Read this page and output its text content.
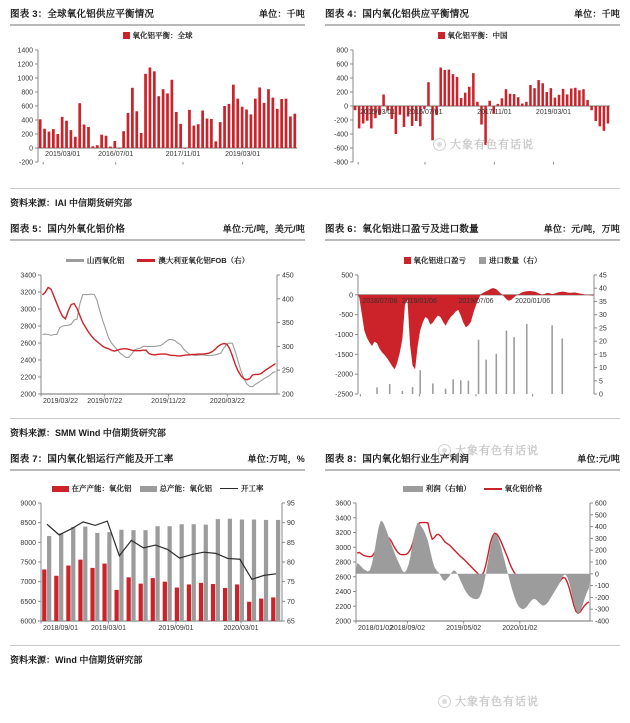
图表 3：全球氧化铝供应平衡情况	单位：千吨
氧化铝平衡：全球
-200
0
200
400
600
800
1000
1200
1400
2015/03/01	2016/07/01	2017/11/01	2019/03/01
图表 4：国内氧化铝供应平衡情况	单位：千吨
氧化铝平衡：中国
-800
-600
-400
-200
0
200
400
600
800
2015/03/01 2016/07/01	2017/11/01	2019/03/01
大象有色有话说
资料来源：IAI 中信期货研究部
图表 5：国内外氧化铝价格	单位:元/吨，美元/吨
山西氧化铝	澳大利亚氧化铝FOB（右）
2000
2200
2400
2600
2800
3000
3200
3400
200
250
300
350
400
450
2019/03/22 2019/07/22	2019/11/22	2020/03/22
图表 6：氧化铝进口盈亏及进口数量	单位：元/吨，万吨
氧化铝进口盈亏	进口数量（右）
-2500
-2000
-1500
-1000
-500
0
500
0
5
10
15
20
25
30
35
40
45
2018/07/06 2019/01/06	2019/07/06	2020/01/06
资料来源：SMM Wind 中信期货研究部
大象有色有话说
图表 7：国内氧化铝运行产能及开工率	单位:万吨，%
在产产能：氧化铝	总产能：氧化铝	开工率
6000
6500
7000
7500
8000
8500
9000
65
70
75
80
85
90
95
2018/09/01 2019/03/01	2019/09/01	2020/03/01
图表 8：国内氧化铝行业生产利润	单位:元/吨
利润（右轴）	氧化铝价格
2000
2200
2400
2600
2800
3000
3200
3400
3600
-400
-300
-200
-100
0
100
200
300
400
500
600
2018/01/02
2018/09/02	2019/05/02	2020/01/02
资料来源：Wind 中信期货研究部
大象有色有话说
